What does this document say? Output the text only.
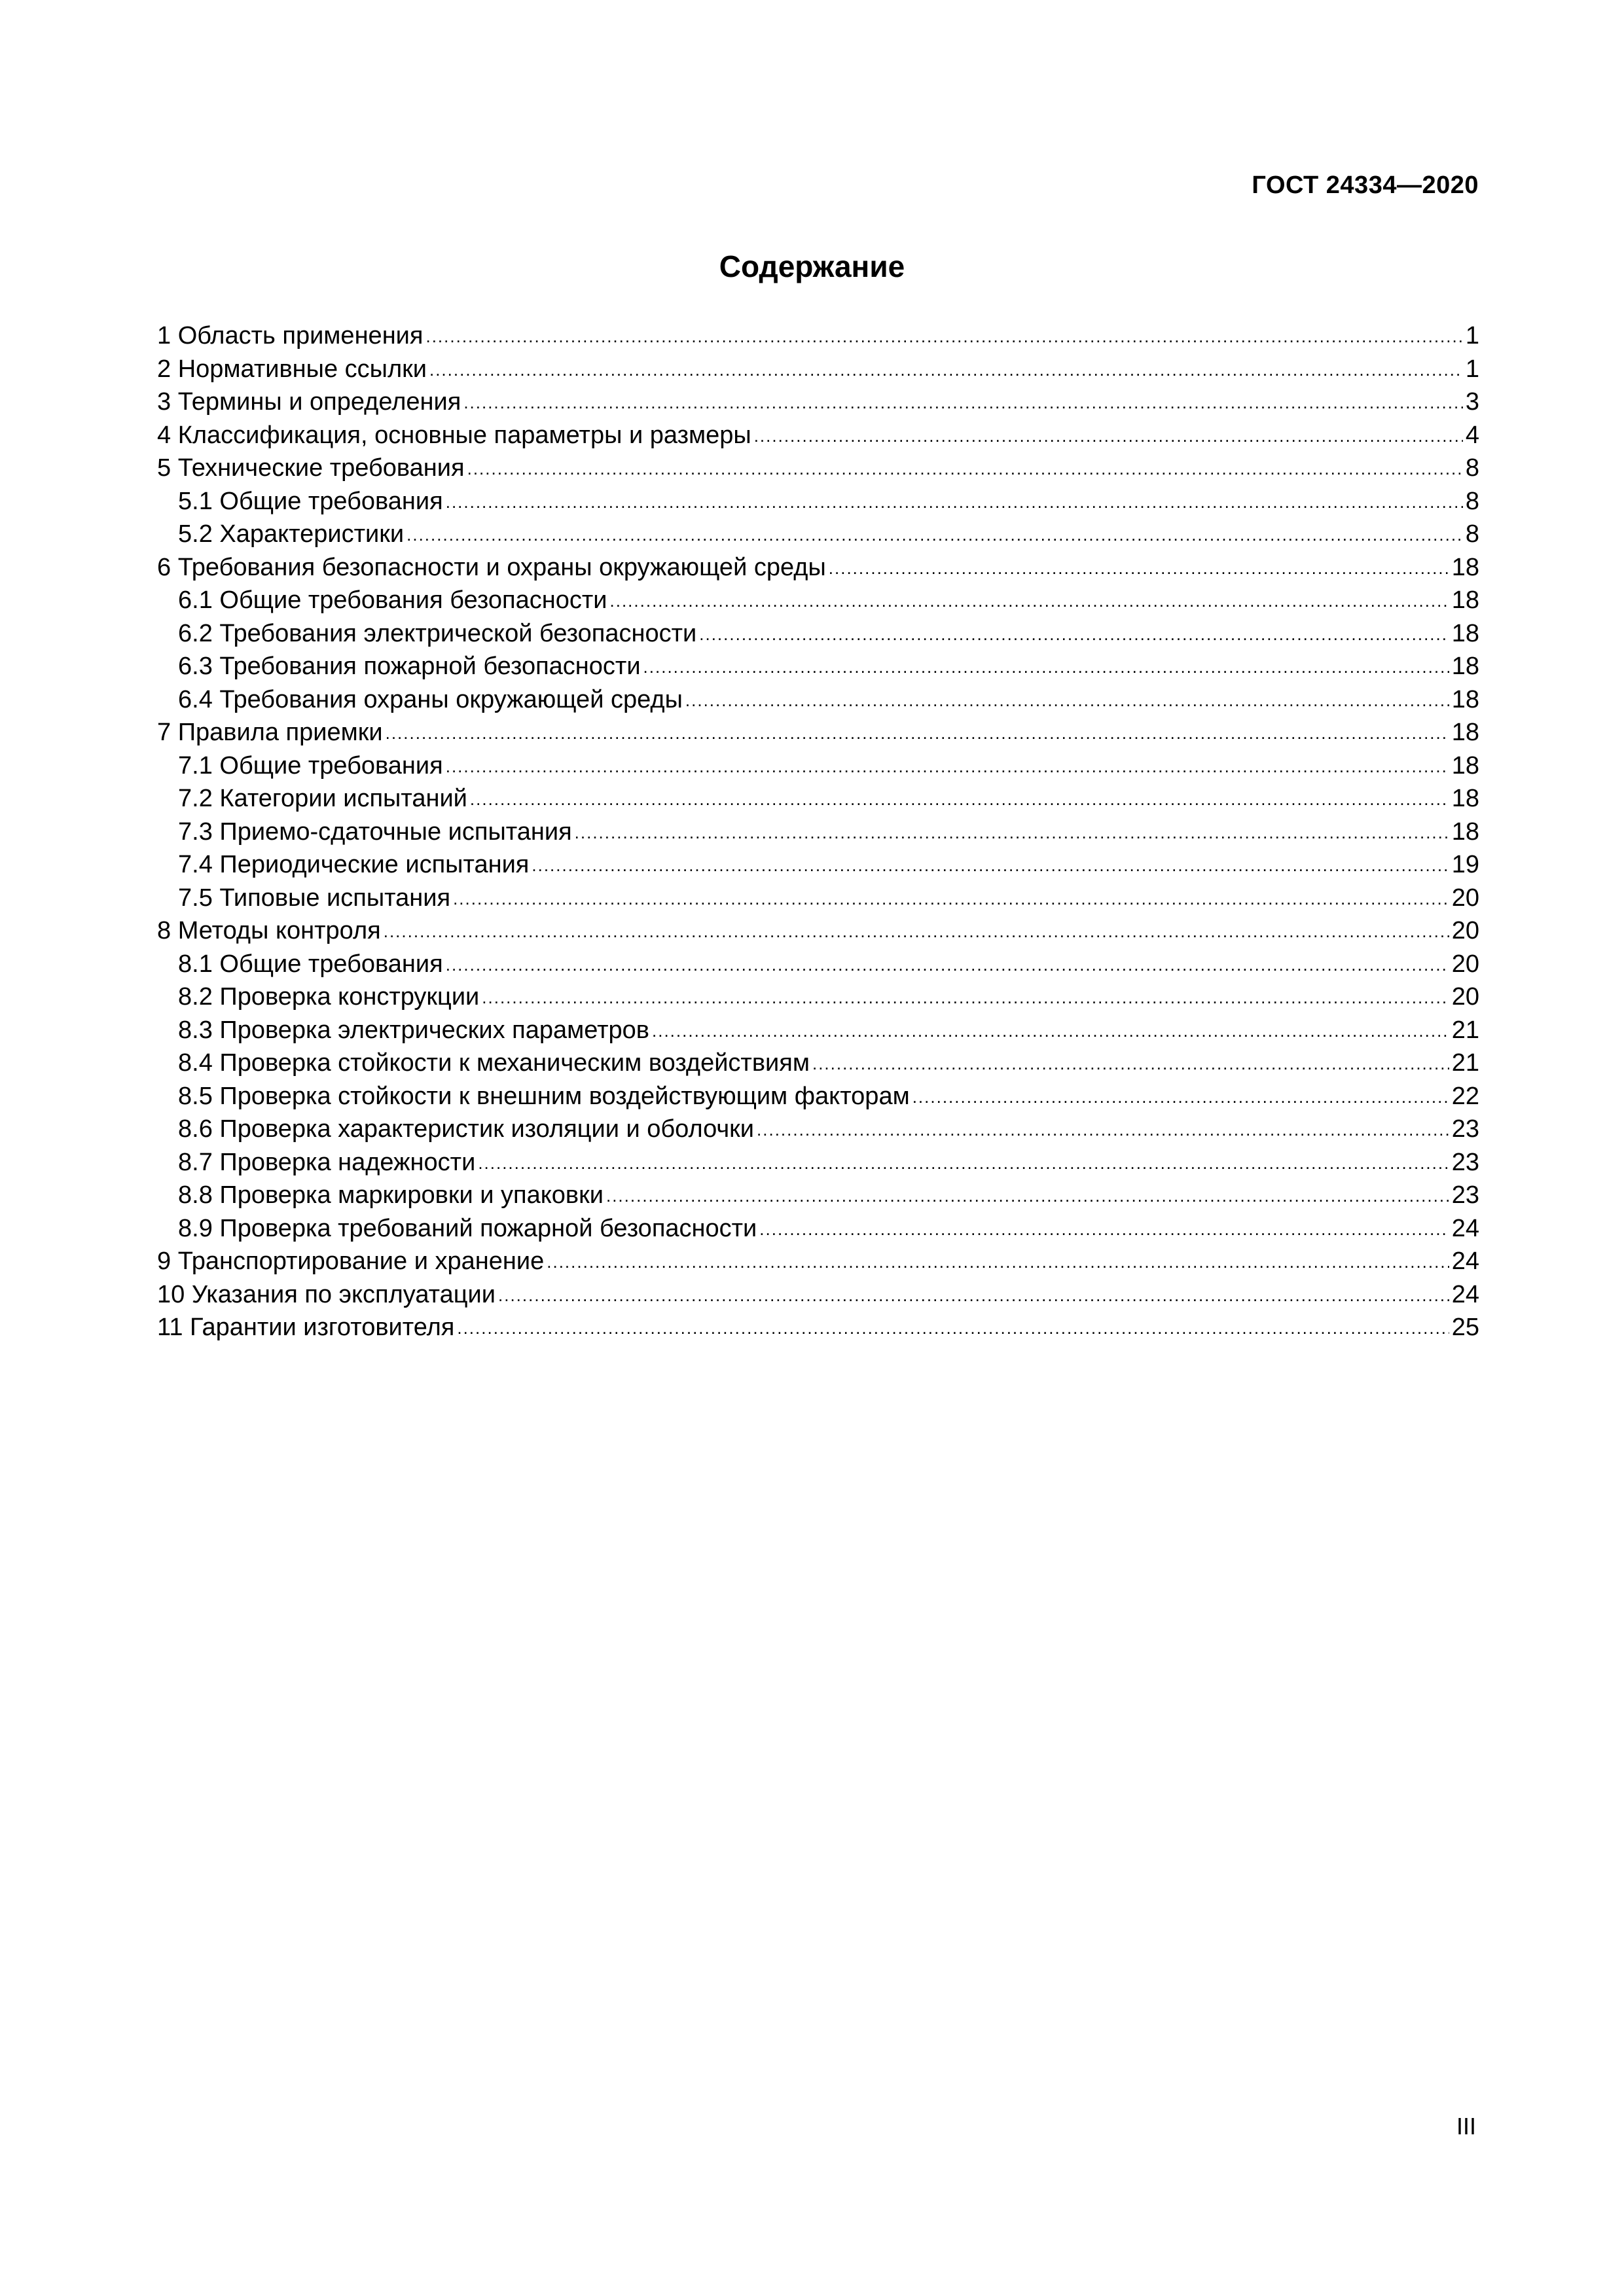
ГОСТ 24334—2020
Содержание
1 Область применения .....	1
2 Нормативные ссылки .....	1
3 Термины и определения .....	3
4 Классификация, основные параметры и размеры .....	4
5 Технические требования .....	8
5.1 Общие требования .....	8
5.2 Характеристики .....	8
6 Требования безопасности и охраны окружающей среды .....	18
6.1 Общие требования безопасности .....	18
6.2 Требования электрической безопасности .....	18
6.3 Требования пожарной безопасности .....	18
6.4 Требования охраны окружающей среды .....	18
7 Правила приемки .....	18
7.1 Общие требования .....	18
7.2 Категории испытаний .....	18
7.3 Приемо-сдаточные испытания .....	18
7.4 Периодические испытания .....	19
7.5 Типовые испытания .....	20
8 Методы контроля .....	20
8.1 Общие требования .....	20
8.2 Проверка конструкции .....	20
8.3 Проверка электрических параметров .....	21
8.4 Проверка стойкости к механическим воздействиям .....	21
8.5 Проверка стойкости к внешним воздействующим факторам .....	22
8.6 Проверка характеристик изоляции и оболочки .....	23
8.7 Проверка надежности .....	23
8.8 Проверка маркировки и упаковки .....	23
8.9 Проверка требований пожарной безопасности .....	24
9 Транспортирование и хранение .....	24
10 Указания по эксплуатации .....	24
11 Гарантии изготовителя .....	25
III
